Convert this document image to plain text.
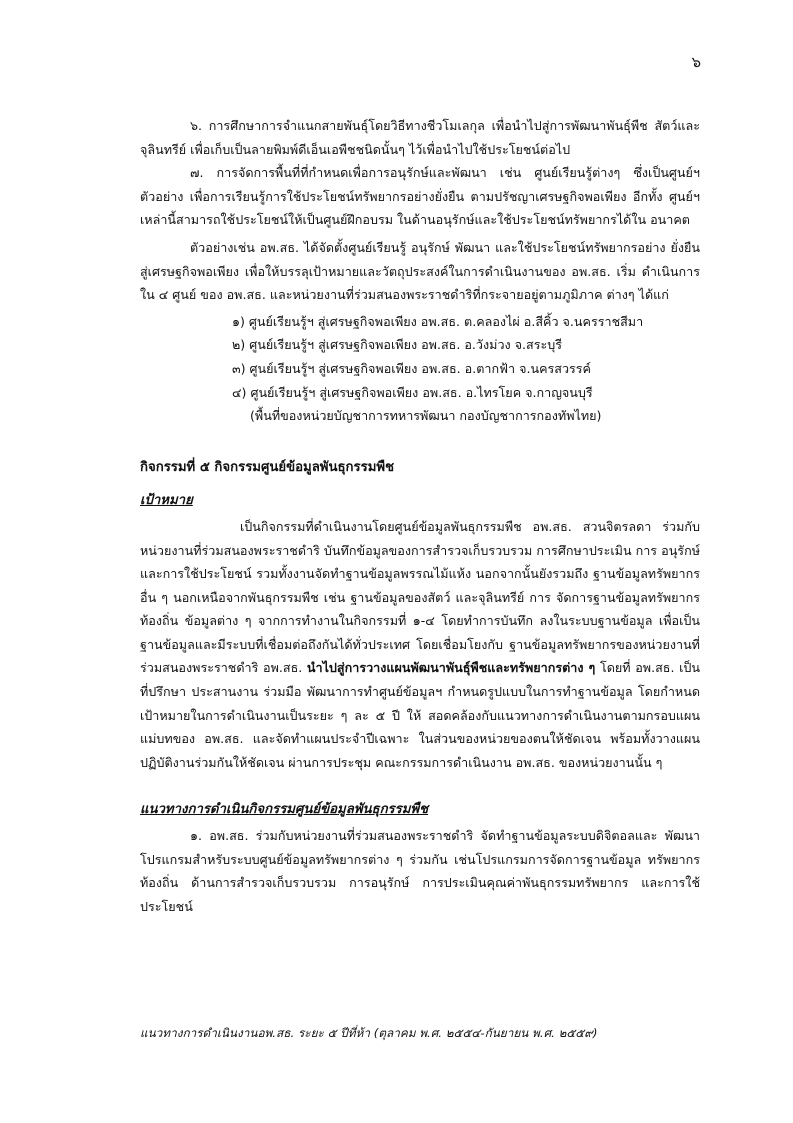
๖

๖. การศึกษาการจำแนกสายพันธุ์โดยวิธีทางชีวโมเลกุล เพื่อนำไปสู่การพัฒนาพันธุ์พืช สัตว์และจุลินทรีย์ เพื่อเก็บเป็นลายพิมพ์ดีเอ็นเอพืชชนิดนั้นๆ ไว้เพื่อนำไปใช้ประโยชน์ต่อไป

๗. การจัดการพื้นที่ที่กำหนดเพื่อการอนุรักษ์และพัฒนา เช่น ศูนย์เรียนรู้ต่างๆ ซึ่งเป็นศูนย์ฯ ตัวอย่าง เพื่อการเรียนรู้การใช้ประโยชน์ทรัพยากรอย่างยั่งยืน ตามปรัชญาเศรษฐกิจพอเพียง อีกทั้ง ศูนย์ฯ เหล่านี้สามารถใช้ประโยชน์ให้เป็นศูนย์ฝึกอบรม ในด้านอนุรักษ์และใช้ประโยชน์ทรัพยากรได้ใน อนาคต

ตัวอย่างเช่น อพ.สธ. ได้จัดตั้งศูนย์เรียนรู้ อนุรักษ์ พัฒนา และใช้ประโยชน์ทรัพยากรอย่าง ยั่งยืน สู่เศรษฐกิจพอเพียง เพื่อให้บรรลุเป้าหมายและวัตถุประสงค์ในการดำเนินงานของ อพ.สธ. เริ่ม ดำเนินการใน ๔ ศูนย์ ของ อพ.สธ. และหน่วยงานที่ร่วมสนองพระราชดำริที่กระจายอยู่ตามภูมิภาค ต่างๆ ได้แก่

๑) ศูนย์เรียนรู้ฯ สู่เศรษฐกิจพอเพียง อพ.สธ. ต.คลองไผ่ อ.สีคิ้ว จ.นครราชสีมา
๒) ศูนย์เรียนรู้ฯ สู่เศรษฐกิจพอเพียง อพ.สธ. อ.วังม่วง จ.สระบุรี
๓) ศูนย์เรียนรู้ฯ สู่เศรษฐกิจพอเพียง อพ.สธ. อ.ตากฟ้า จ.นครสวรรค์
๔) ศูนย์เรียนรู้ฯ สู่เศรษฐกิจพอเพียง อพ.สธ. อ.ไทรโยค จ.กาญจนบุรี
(พื้นที่ของหน่วยบัญชาการทหารพัฒนา กองบัญชาการกองทัพไทย)
กิจกรรมที่ ๕ กิจกรรมศูนย์ข้อมูลพันธุกรรมพืช
เป้าหมาย

เป็นกิจกรรมที่ดำเนินงานโดยศูนย์ข้อมูลพันธุกรรมพืช อพ.สธ. สวนจิตรลดา ร่วมกับ หน่วยงานที่ร่วมสนองพระราชดำริ บันทึกข้อมูลของการสำรวจเก็บรวบรวม การศึกษาประเมิน การ อนุรักษ์ และการใช้ประโยชน์ รวมทั้งงานจัดทำฐานข้อมูลพรรณไม้แห้ง นอกจากนั้นยังรวมถึง ฐานข้อมูลทรัพยากรอื่น ๆ นอกเหนือจากพันธุกรรมพืช เช่น ฐานข้อมูลของสัตว์ และจุลินทรีย์ การ จัดการฐานข้อมูลทรัพยากรท้องถิ่น ข้อมูลต่าง ๆ จากการทำงานในกิจกรรมที่ ๑-๔ โดยทำการบันทึก ลงในระบบฐานข้อมูล เพื่อเป็นฐานข้อมูลและมีระบบที่เชื่อมต่อถึงกันได้ทั่วประเทศ โดยเชื่อมโยงกับ ฐานข้อมูลทรัพยากรของหน่วยงานที่ร่วมสนองพระราชดำริ อพ.สธ. นำไปสู่การวางแผนพัฒนาพันธุ์พืชและทรัพยากรต่าง ๆ โดยที่ อพ.สธ. เป็นที่ปรึกษา ประสานงาน ร่วมมือ พัฒนาการทำศูนย์ข้อมูลฯ กำหนดรูปแบบในการทำฐานข้อมูล โดยกำหนดเป้าหมายในการดำเนินงานเป็นระยะ ๆ ละ ๕ ปี ให้ สอดคล้องกับแนวทางการดำเนินงานตามกรอบแผนแม่บทของ อพ.สธ. และจัดทำแผนประจำปีเฉพาะ ในส่วนของหน่วยของตนให้ชัดเจน พร้อมทั้งวางแผนปฏิบัติงานร่วมกันให้ชัดเจน ผ่านการประชุม คณะกรรมการดำเนินงาน อพ.สธ. ของหน่วยงานนั้น ๆ

แนวทางการดำเนินกิจกรรมศูนย์ข้อมูลพันธุกรรมพืช

๑. อพ.สธ. ร่วมกับหน่วยงานที่ร่วมสนองพระราชดำริ จัดทำฐานข้อมูลระบบดิจิตอลและ พัฒนาโปรแกรมสำหรับระบบศูนย์ข้อมูลทรัพยากรต่าง ๆ ร่วมกัน เช่นโปรแกรมการจัดการฐานข้อมูล ทรัพยากรท้องถิ่น ด้านการสำรวจเก็บรวบรวม การอนุรักษ์ การประเมินคุณค่าพันธุกรรมทรัพยากร และการใช้ประโยชน์

แนวทางการดำเนินงานอพ.สธ. ระยะ ๕ ปีที่ห้า (ตุลาคม พ.ศ. ๒๕๕๔-กันยายน พ.ศ. ๒๕๕๙)
